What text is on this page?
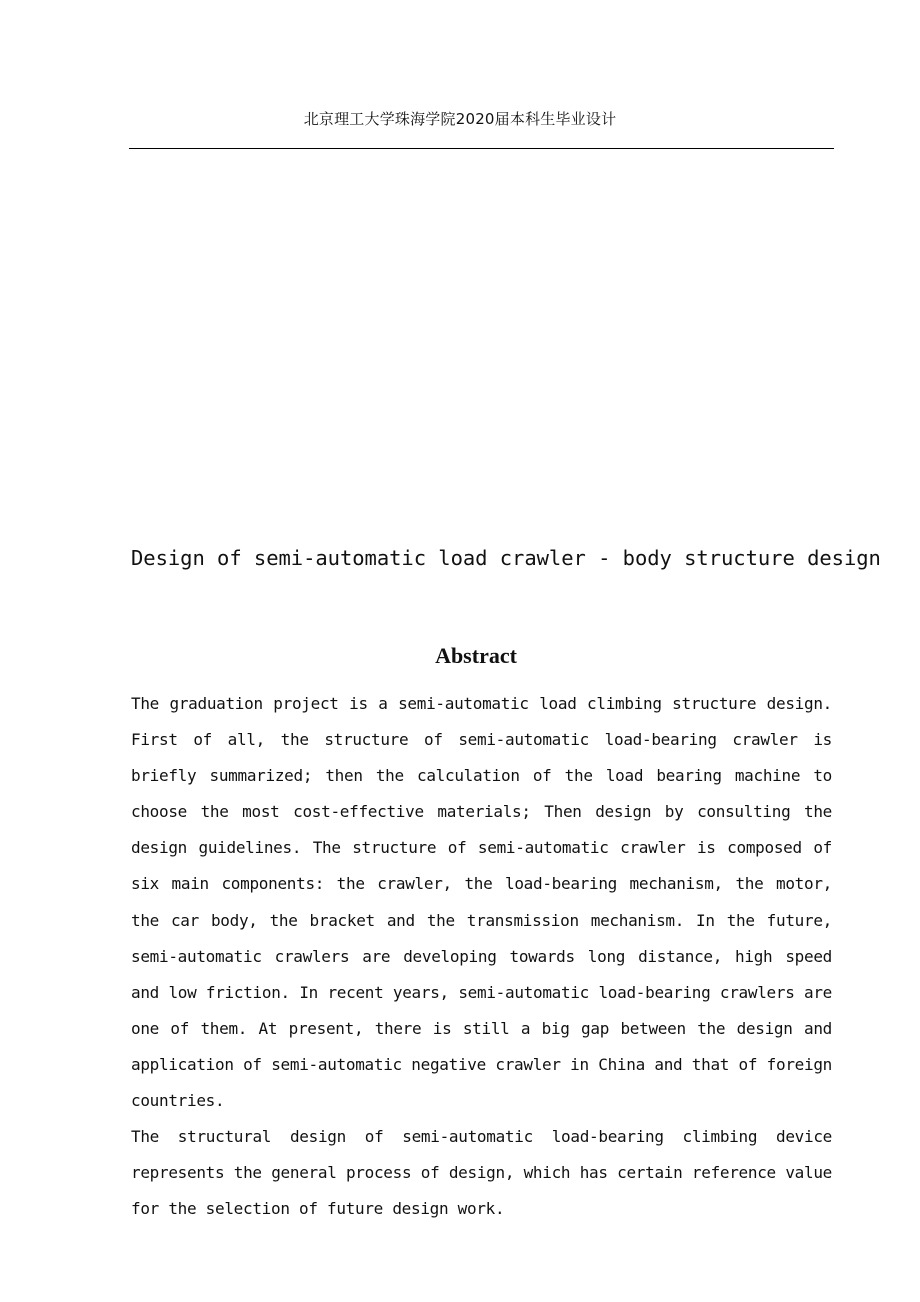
北京理工大学珠海学院2020届本科生毕业设计
Design of semi-automatic load crawler - body structure design
Abstract

The graduation project is a semi-automatic load climbing structure design. First of all, the structure of semi-automatic load-bearing crawler is briefly summarized; then the calculation of the load bearing machine to choose the most cost-effective materials; Then design by consulting the design guidelines. The structure of semi-automatic crawler is composed of six main components: the crawler, the load-bearing mechanism, the motor, the car body, the bracket and the transmission mechanism. In the future, semi-automatic crawlers are developing towards long distance, high speed and low friction. In recent years, semi-automatic load-bearing crawlers are one of them. At present, there is still a big gap between the design and application of semi-automatic negative crawler in China and that of foreign countries.

The structural design of semi-automatic load-bearing climbing device represents the general process of design, which has certain reference value for the selection of future design work.
